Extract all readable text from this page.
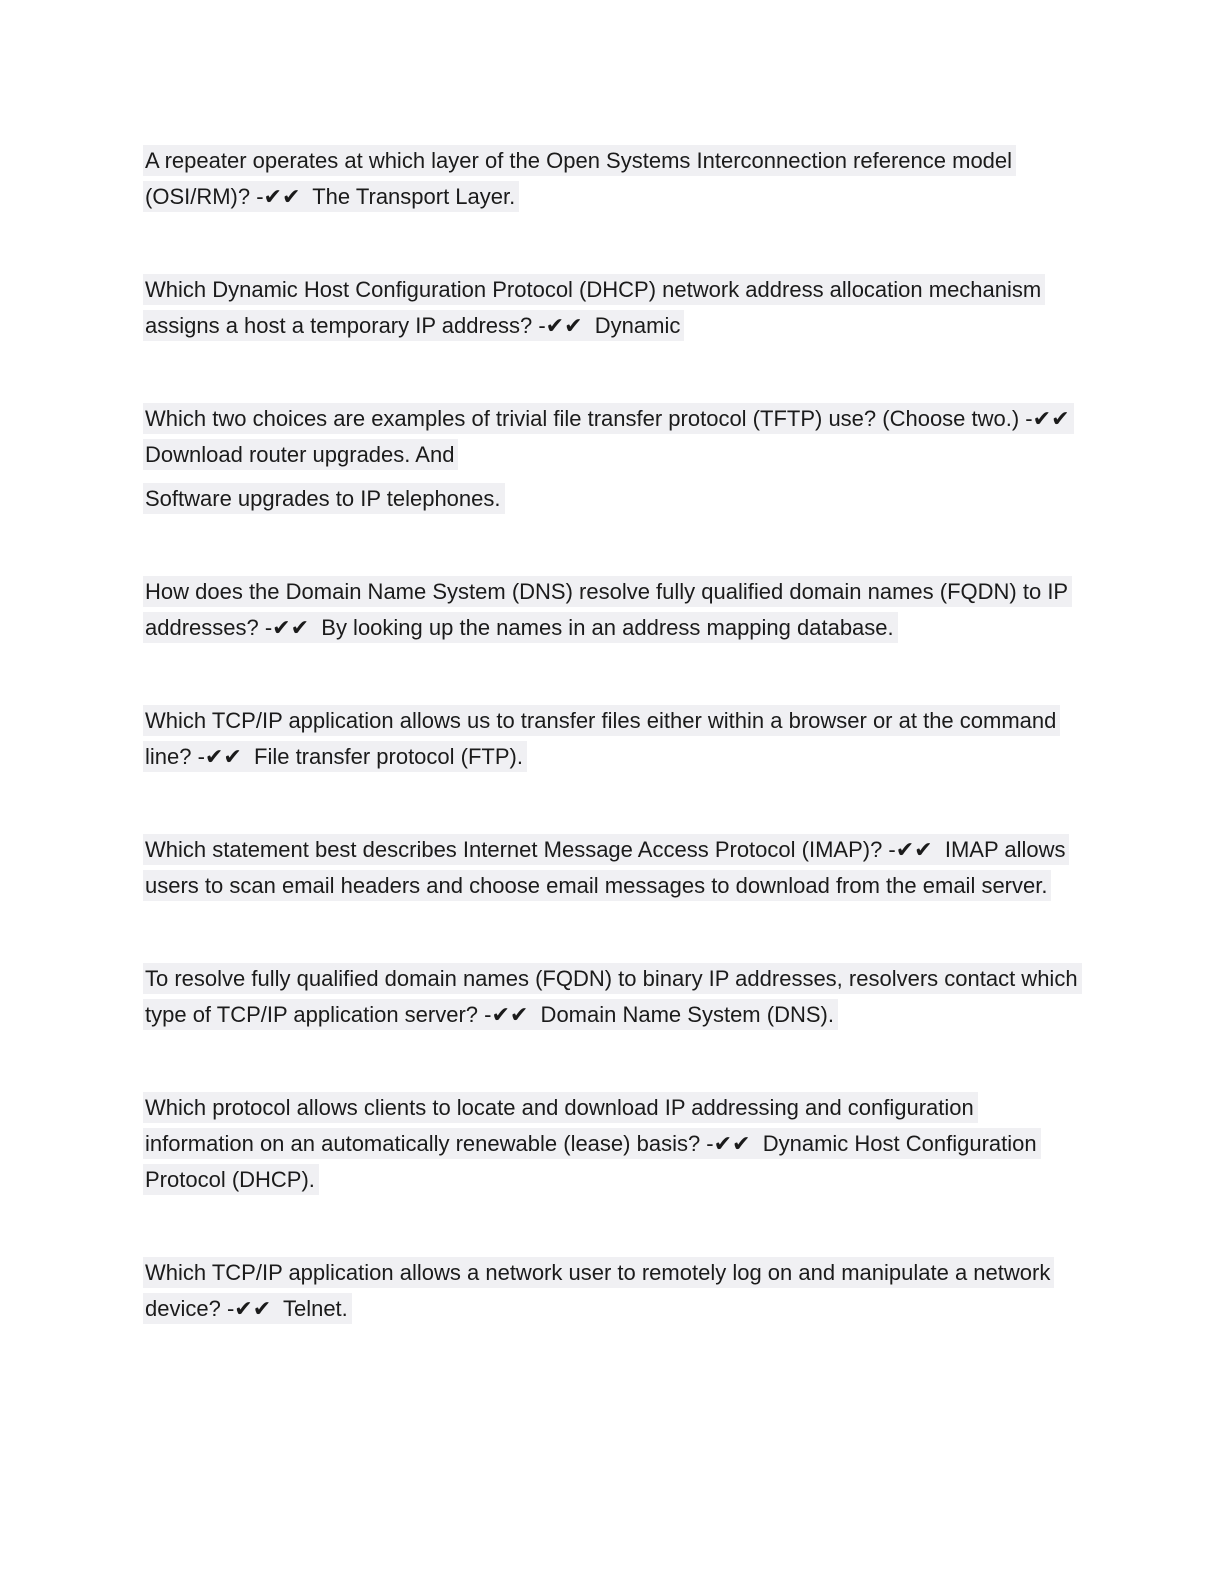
A repeater operates at which layer of the Open Systems Interconnection reference model
(OSI/RM)? -✔✔  The Transport Layer.
Which Dynamic Host Configuration Protocol (DHCP) network address allocation mechanism
assigns a host a temporary IP address? -✔✔  Dynamic
Which two choices are examples of trivial file transfer protocol (TFTP) use? (Choose two.) -✔✔
Download router upgrades. And
Software upgrades to IP telephones.
How does the Domain Name System (DNS) resolve fully qualified domain names (FQDN) to IP
addresses? -✔✔  By looking up the names in an address mapping database.
Which TCP/IP application allows us to transfer files either within a browser or at the command
line? -✔✔  File transfer protocol (FTP).
Which statement best describes Internet Message Access Protocol (IMAP)? -✔✔  IMAP allows
users to scan email headers and choose email messages to download from the email server.
To resolve fully qualified domain names (FQDN) to binary IP addresses, resolvers contact which
type of TCP/IP application server? -✔✔  Domain Name System (DNS).
Which protocol allows clients to locate and download IP addressing and configuration
information on an automatically renewable (lease) basis? -✔✔  Dynamic Host Configuration
Protocol (DHCP).
Which TCP/IP application allows a network user to remotely log on and manipulate a network
device? -✔✔  Telnet.
